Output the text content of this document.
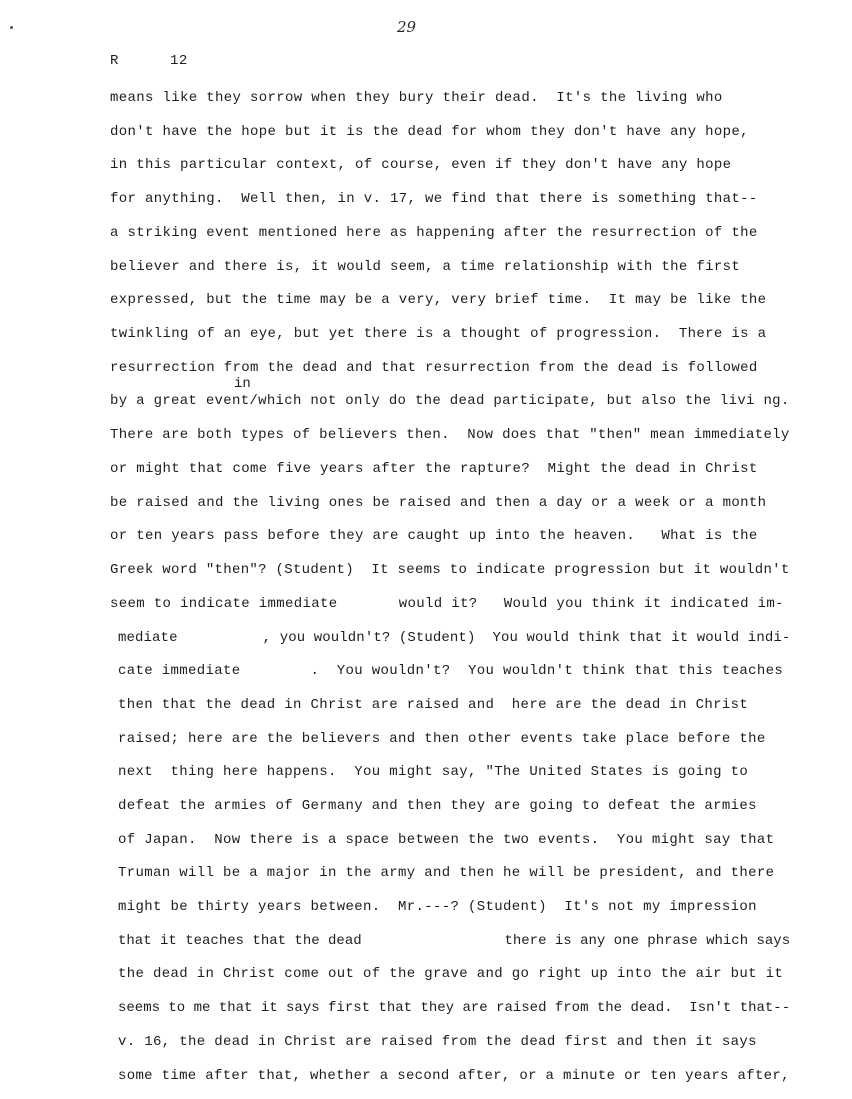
29
R	12
in
means like they sorrow when they bury their dead.  It's the living who
don't have the hope but it is the dead for whom they don't have any hope,
in this particular context, of course, even if they don't have any hope
for anything.  Well then, in v. 17, we find that there is something that--
a striking event mentioned here as happening after the resurrection of the
believer and there is, it would seem, a time relationship with the first
expressed, but the time may be a very, very brief time.  It may be like the
twinkling of an eye, but yet there is a thought of progression.  There is a
resurrection from the dead and that resurrection from the dead is followed
by a great event/which not only do the dead participate, but also the livi ng.
There are both types of believers then.  Now does that "then" mean immediately
or might that come five years after the rapture?  Might the dead in Christ
be raised and the living ones be raised and then a day or a week or a month
or ten years pass before they are caught up into the heaven.   What is the
Greek word "then"? (Student)  It seems to indicate progression but it wouldn't
seem to indicate immediate       would it?   Would you think it indicated im-
mediate          , you wouldn't? (Student)  You would think that it would indi-
cate immediate        .  You wouldn't?  You wouldn't think that this teaches
then that the dead in Christ are raised and  here are the dead in Christ
raised; here are the believers and then other events take place before the
next  thing here happens.  You might say, "The United States is going to
defeat the armies of Germany and then they are going to defeat the armies
of Japan.  Now there is a space between the two events.  You might say that
Truman will be a major in the army and then he will be president, and there
might be thirty years between.  Mr.---? (Student)  It's not my impression
that it teaches that the dead                 there is any one phrase which says
the dead in Christ come out of the grave and go right up into the air but it
seems to me that it says first that they are raised from the dead.  Isn't that--
v. 16, the dead in Christ are raised from the dead first and then it says
some time after that, whether a second after, or a minute or ten years after,
